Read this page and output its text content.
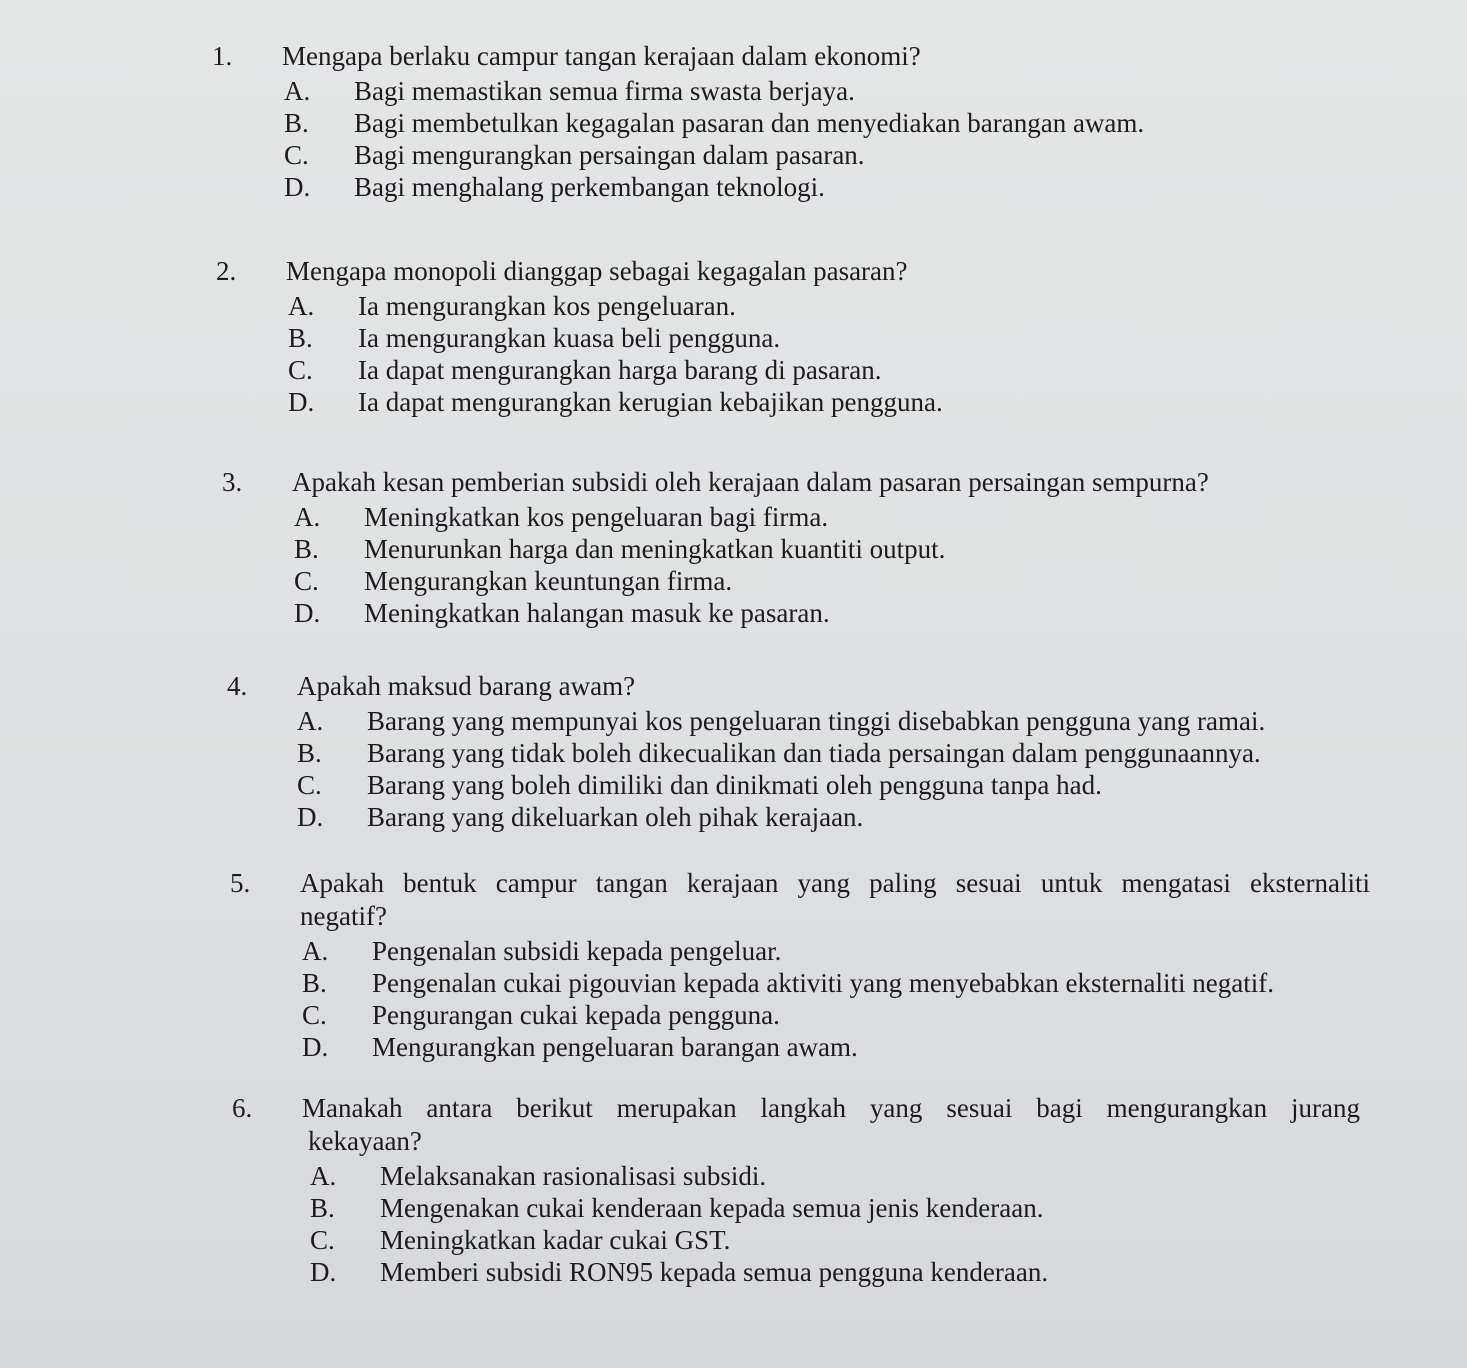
1.	Mengapa berlaku campur tangan kerajaan dalam ekonomi?
A.	Bagi memastikan semua firma swasta berjaya.
B.	Bagi membetulkan kegagalan pasaran dan menyediakan barangan awam.
C.	Bagi mengurangkan persaingan dalam pasaran.
D.	Bagi menghalang perkembangan teknologi.
2.	Mengapa monopoli dianggap sebagai kegagalan pasaran?
A.	Ia mengurangkan kos pengeluaran.
B.	Ia mengurangkan kuasa beli pengguna.
C.	Ia dapat mengurangkan harga barang di pasaran.
D.	Ia dapat mengurangkan kerugian kebajikan pengguna.
3.	Apakah kesan pemberian subsidi oleh kerajaan dalam pasaran persaingan sempurna?
A.	Meningkatkan kos pengeluaran bagi firma.
B.	Menurunkan harga dan meningkatkan kuantiti output.
C.	Mengurangkan keuntungan firma.
D.	Meningkatkan halangan masuk ke pasaran.
4.	Apakah maksud barang awam?
A.	Barang yang mempunyai kos pengeluaran tinggi disebabkan pengguna yang ramai.
B.	Barang yang tidak boleh dikecualikan dan tiada persaingan dalam penggunaannya.
C.	Barang yang boleh dimiliki dan dinikmati oleh pengguna tanpa had.
D.	Barang yang dikeluarkan oleh pihak kerajaan.
5.	Apakah bentuk campur tangan kerajaan yang paling sesuai untuk mengatasi eksternaliti
negatif?
A.	Pengenalan subsidi kepada pengeluar.
B.	Pengenalan cukai pigouvian kepada aktiviti yang menyebabkan eksternaliti negatif.
C.	Pengurangan cukai kepada pengguna.
D.	Mengurangkan pengeluaran barangan awam.
6.	Manakah antara berikut merupakan langkah yang sesuai bagi mengurangkan jurang
kekayaan?
A.	Melaksanakan rasionalisasi subsidi.
B.	Mengenakan cukai kenderaan kepada semua jenis kenderaan.
C.	Meningkatkan kadar cukai GST.
D.	Memberi subsidi RON95 kepada semua pengguna kenderaan.
